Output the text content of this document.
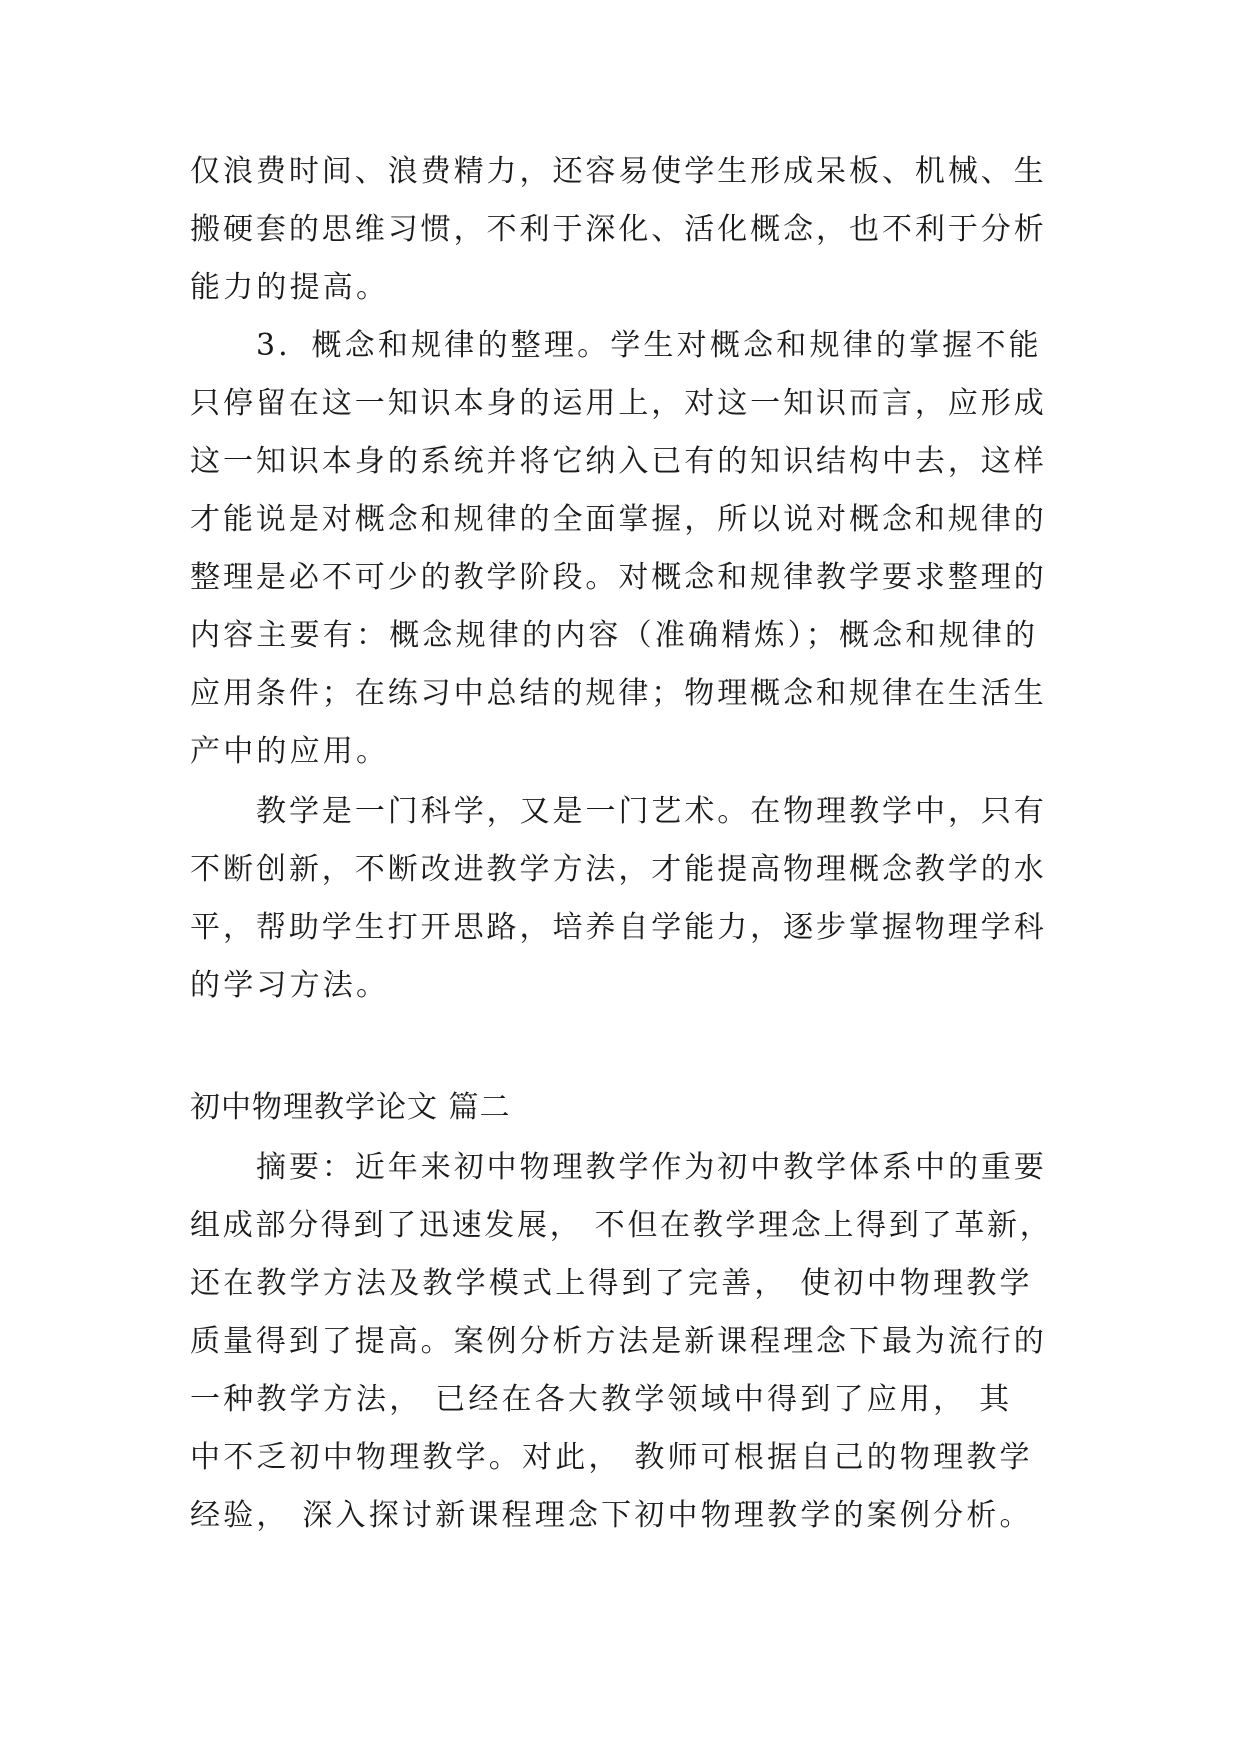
仅浪费时间、浪费精力，还容易使学生形成呆板、机械、生
搬硬套的思维习惯，不利于深化、活化概念，也不利于分析
能力的提高。
3．概念和规律的整理。学生对概念和规律的掌握不能
只停留在这一知识本身的运用上，对这一知识而言，应形成
这一知识本身的系统并将它纳入已有的知识结构中去，这样
才能说是对概念和规律的全面掌握，所以说对概念和规律的
整理是必不可少的教学阶段。对概念和规律教学要求整理的
内容主要有：概念规律的内容（准确精炼）；概念和规律的
应用条件；在练习中总结的规律；物理概念和规律在生活生
产中的应用。
教学是一门科学，又是一门艺术。在物理教学中，只有
不断创新，不断改进教学方法，才能提高物理概念教学的水
平，帮助学生打开思路，培养自学能力，逐步掌握物理学科
的学习方法。
初中物理教学论文 篇二
摘要：近年来初中物理教学作为初中教学体系中的重要
组成部分得到了迅速发展， 不但在教学理念上得到了革新，
还在教学方法及教学模式上得到了完善， 使初中物理教学
质量得到了提高。案例分析方法是新课程理念下最为流行的
一种教学方法， 已经在各大教学领域中得到了应用， 其
中不乏初中物理教学。对此， 教师可根据自己的物理教学
经验， 深入探讨新课程理念下初中物理教学的案例分析。
